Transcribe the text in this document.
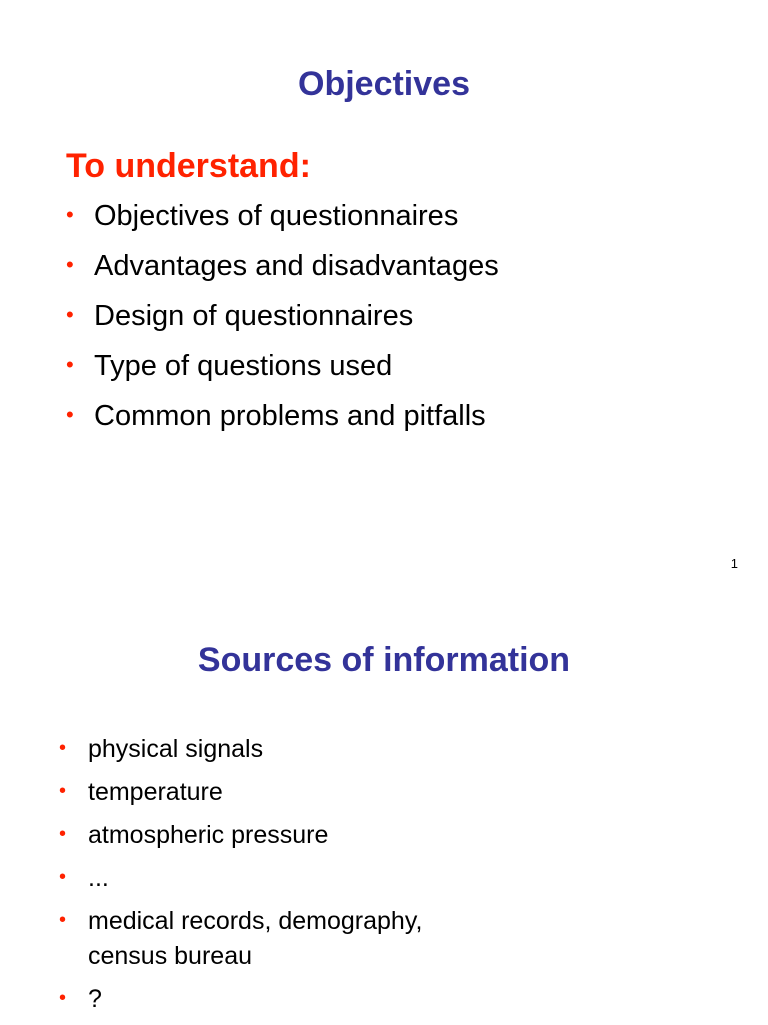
Objectives
To understand:
• Objectives of questionnaires
• Advantages and disadvantages
• Design of questionnaires
• Type of questions used
• Common problems and pitfalls
1
Sources of information
• physical signals
• temperature
• atmospheric pressure
• ...
• medical records, demography, census bureau
• ?
